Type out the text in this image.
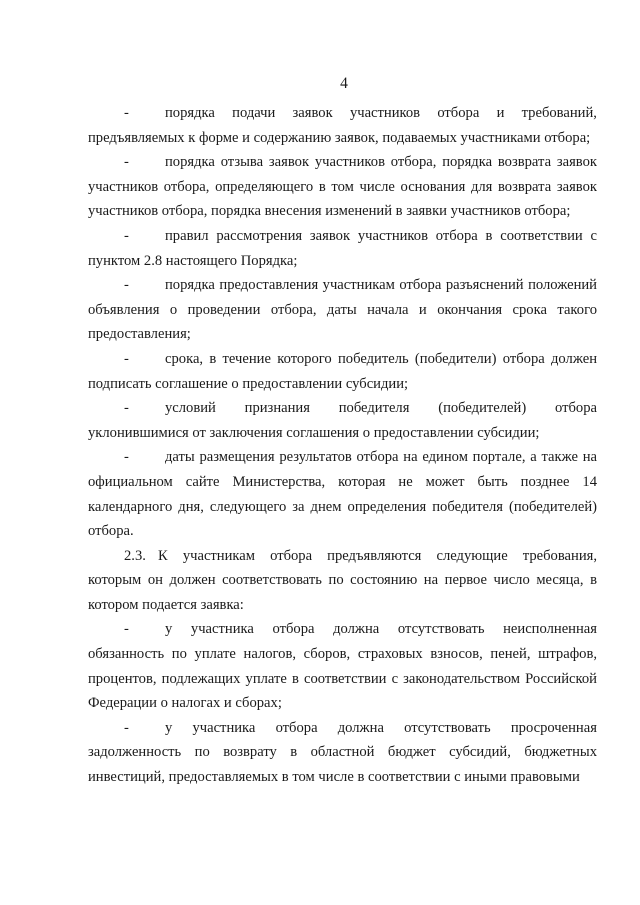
4
-	порядка подачи заявок участников отбора и требований,
предъявляемых к форме и содержанию заявок, подаваемых участниками отбора;
-	порядка отзыва заявок участников отбора, порядка возврата заявок
участников отбора, определяющего в том числе основания для возврата заявок
участников отбора, порядка внесения изменений в заявки участников отбора;
-	правил рассмотрения заявок участников отбора в соответствии с
пунктом 2.8 настоящего Порядка;
-	порядка предоставления участникам отбора разъяснений положений
объявления о проведении отбора, даты начала и окончания срока такого
предоставления;
-	срока, в течение которого победитель (победители) отбора должен
подписать соглашение о предоставлении субсидии;
-	условий признания победителя (победителей) отбора
уклонившимися от заключения соглашения о предоставлении субсидии;
-	даты размещения результатов отбора на едином портале, а также на
официальном сайте Министерства, которая не может быть позднее 14
календарного дня, следующего за днем определения победителя (победителей)
отбора.
2.3. К участникам отбора предъявляются следующие требования,
которым он должен соответствовать по состоянию на первое число месяца, в
котором подается заявка:
-	у участника отбора должна отсутствовать неисполненная
обязанность по уплате налогов, сборов, страховых взносов, пеней, штрафов,
процентов, подлежащих уплате в соответствии с законодательством Российской
Федерации о налогах и сборах;
-	у участника отбора должна отсутствовать просроченная
задолженность по возврату в областной бюджет субсидий, бюджетных
инвестиций, предоставляемых в том числе в соответствии с иными правовыми
